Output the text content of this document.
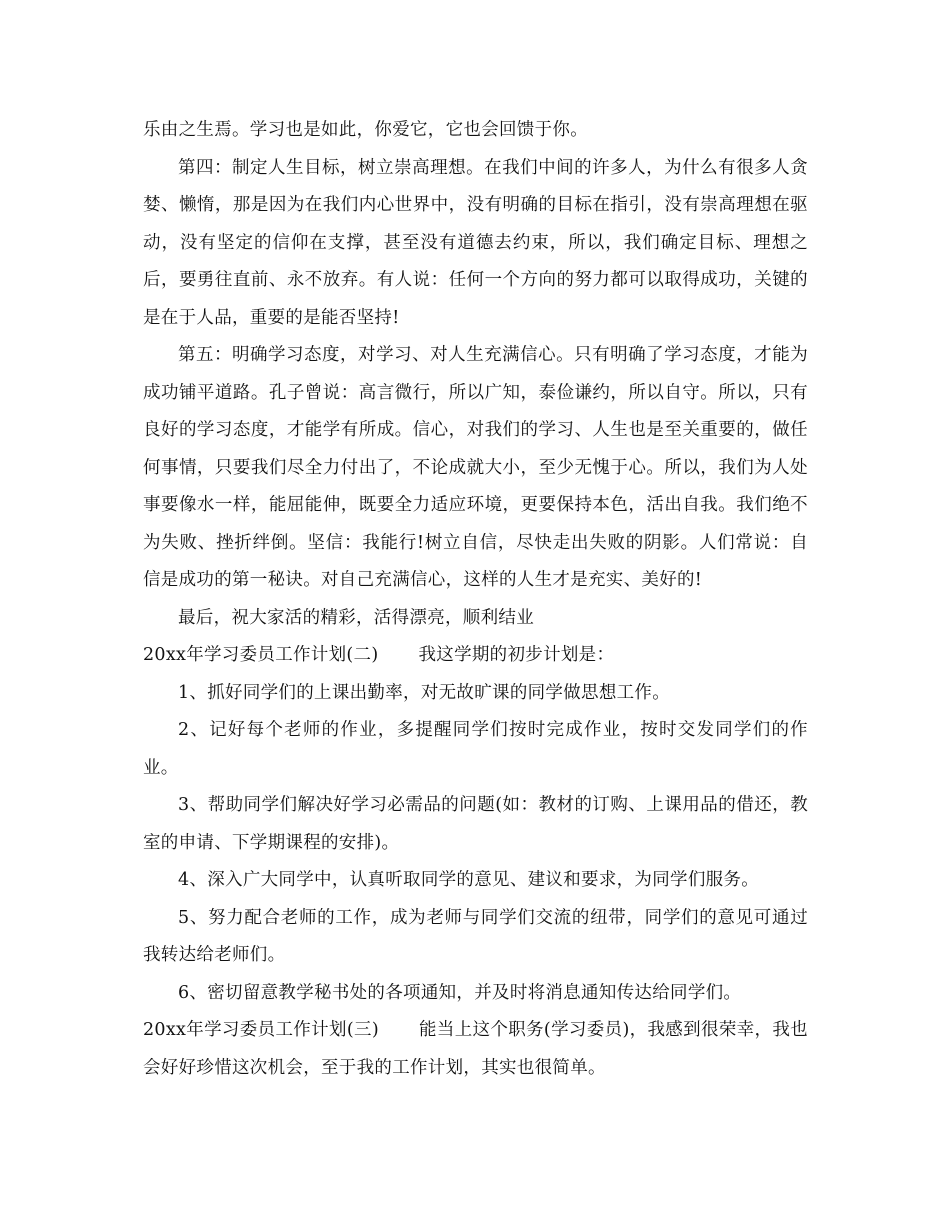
乐由之生焉。学习也是如此，你爱它，它也会回馈于你。

第四：制定人生目标，树立崇高理想。在我们中间的许多人，为什么有很多人贪婪、懒惰，那是因为在我们内心世界中，没有明确的目标在指引，没有崇高理想在驱动，没有坚定的信仰在支撑，甚至没有道德去约束，所以，我们确定目标、理想之后，要勇往直前、永不放弃。有人说：任何一个方向的努力都可以取得成功，关键的是在于人品，重要的是能否坚持!

第五：明确学习态度，对学习、对人生充满信心。只有明确了学习态度，才能为成功铺平道路。孔子曾说：高言微行，所以广知，泰俭谦约，所以自守。所以，只有良好的学习态度，才能学有所成。信心，对我们的学习、人生也是至关重要的，做任何事情，只要我们尽全力付出了，不论成就大小，至少无愧于心。所以，我们为人处事要像水一样，能屈能伸，既要全力适应环境，更要保持本色，活出自我。我们绝不为失败、挫折绊倒。坚信：我能行!树立自信，尽快走出失败的阴影。人们常说：自信是成功的第一秘诀。对自己充满信心，这样的人生才是充实、美好的!

最后，祝大家活的精彩，活得漂亮，顺利结业

20xx年学习委员工作计划(二) 我这学期的初步计划是：

1、抓好同学们的上课出勤率，对无故旷课的同学做思想工作。

2、记好每个老师的作业，多提醒同学们按时完成作业，按时交发同学们的作业。

3、帮助同学们解决好学习必需品的问题(如：教材的订购、上课用品的借还，教室的申请、下学期课程的安排)。

4、深入广大同学中，认真听取同学的意见、建议和要求，为同学们服务。

5、努力配合老师的工作，成为老师与同学们交流的纽带，同学们的意见可通过我转达给老师们。

6、密切留意教学秘书处的各项通知，并及时将消息通知传达给同学们。

20xx年学习委员工作计划(三) 能当上这个职务(学习委员)，我感到很荣幸，我也会好好珍惜这次机会，至于我的工作计划，其实也很简单。
